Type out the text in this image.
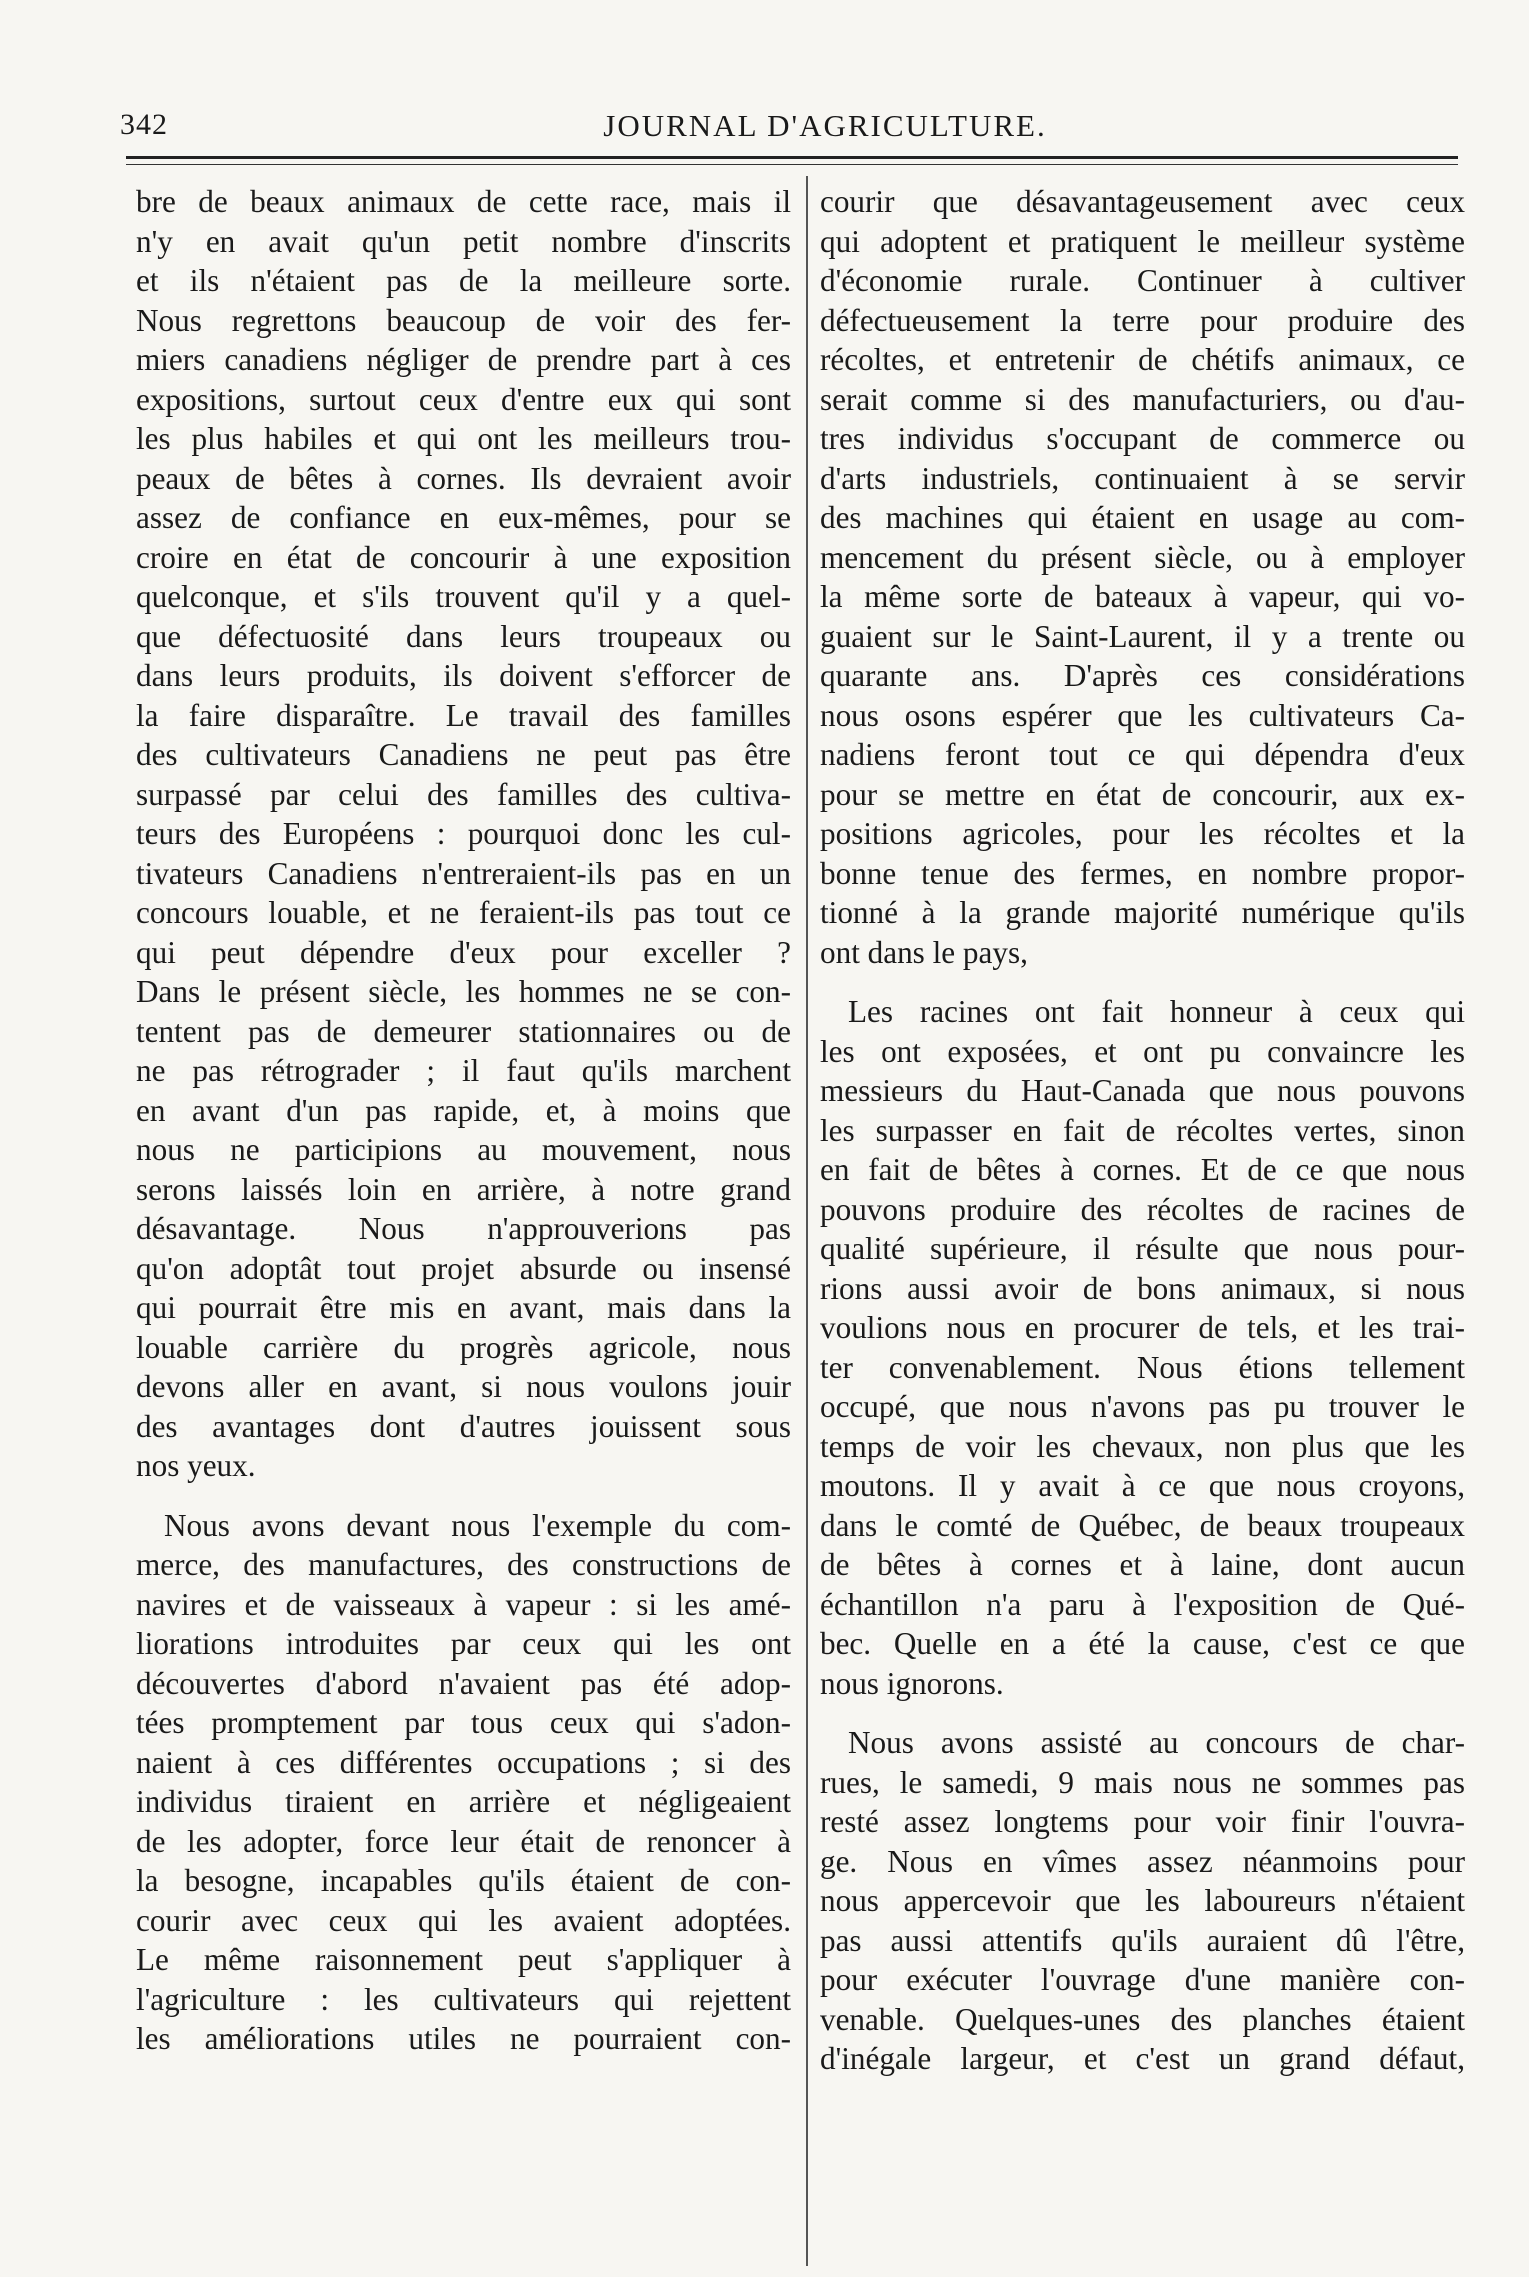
342	JOURNAL D'AGRICULTURE.
bre de beaux animaux de cette race, mais il
n'y en avait qu'un petit nombre d'inscrits
et ils n'étaient pas de la meilleure sorte.
Nous regrettons beaucoup de voir des fer-
miers canadiens négliger de prendre part à ces
expositions, surtout ceux d'entre eux qui sont
les plus habiles et qui ont les meilleurs trou-
peaux de bêtes à cornes. Ils devraient avoir
assez de confiance en eux-mêmes, pour se
croire en état de concourir à une exposition
quelconque, et s'ils trouvent qu'il y a quel-
que défectuosité dans leurs troupeaux ou
dans leurs produits, ils doivent s'efforcer de
la faire disparaître. Le travail des familles
des cultivateurs Canadiens ne peut pas être
surpassé par celui des familles des cultiva-
teurs des Européens : pourquoi donc les cul-
tivateurs Canadiens n'entreraient-ils pas en un
concours louable, et ne feraient-ils pas tout ce
qui peut dépendre d'eux pour exceller ?
Dans le présent siècle, les hommes ne se con-
tentent pas de demeurer stationnaires ou de
ne pas rétrograder ; il faut qu'ils marchent
en avant d'un pas rapide, et, à moins que
nous ne participions au mouvement, nous
serons laissés loin en arrière, à notre grand
désavantage. Nous n'approuverions pas
qu'on adoptât tout projet absurde ou insensé
qui pourrait être mis en avant, mais dans la
louable carrière du progrès agricole, nous
devons aller en avant, si nous voulons jouir
des avantages dont d'autres jouissent sous
nos yeux.
Nous avons devant nous l'exemple du com-
merce, des manufactures, des constructions de
navires et de vaisseaux à vapeur : si les amé-
liorations introduites par ceux qui les ont
découvertes d'abord n'avaient pas été adop-
tées promptement par tous ceux qui s'adon-
naient à ces différentes occupations ; si des
individus tiraient en arrière et négligeaient
de les adopter, force leur était de renoncer à
la besogne, incapables qu'ils étaient de con-
courir avec ceux qui les avaient adoptées.
Le même raisonnement peut s'appliquer à
l'agriculture : les cultivateurs qui rejettent
les améliorations utiles ne pourraient con-
courir que désavantageusement avec ceux
qui adoptent et pratiquent le meilleur système
d'économie rurale. Continuer à cultiver
défectueusement la terre pour produire des
récoltes, et entretenir de chétifs animaux, ce
serait comme si des manufacturiers, ou d'au-
tres individus s'occupant de commerce ou
d'arts industriels, continuaient à se servir
des machines qui étaient en usage au com-
mencement du présent siècle, ou à employer
la même sorte de bateaux à vapeur, qui vo-
guaient sur le Saint-Laurent, il y a trente ou
quarante ans. D'après ces considérations
nous osons espérer que les cultivateurs Ca-
nadiens feront tout ce qui dépendra d'eux
pour se mettre en état de concourir, aux ex-
positions agricoles, pour les récoltes et la
bonne tenue des fermes, en nombre propor-
tionné à la grande majorité numérique qu'ils
ont dans le pays,
Les racines ont fait honneur à ceux qui
les ont exposées, et ont pu convaincre les
messieurs du Haut-Canada que nous pouvons
les surpasser en fait de récoltes vertes, sinon
en fait de bêtes à cornes. Et de ce que nous
pouvons produire des récoltes de racines de
qualité supérieure, il résulte que nous pour-
rions aussi avoir de bons animaux, si nous
voulions nous en procurer de tels, et les trai-
ter convenablement. Nous étions tellement
occupé, que nous n'avons pas pu trouver le
temps de voir les chevaux, non plus que les
moutons. Il y avait à ce que nous croyons,
dans le comté de Québec, de beaux troupeaux
de bêtes à cornes et à laine, dont aucun
échantillon n'a paru à l'exposition de Qué-
bec. Quelle en a été la cause, c'est ce que
nous ignorons.
Nous avons assisté au concours de char-
rues, le samedi, 9 mais nous ne sommes pas
resté assez longtems pour voir finir l'ouvra-
ge. Nous en vîmes assez néanmoins pour
nous appercevoir que les laboureurs n'étaient
pas aussi attentifs qu'ils auraient dû l'être,
pour exécuter l'ouvrage d'une manière con-
venable. Quelques-unes des planches étaient
d'inégale largeur, et c'est un grand défaut,
